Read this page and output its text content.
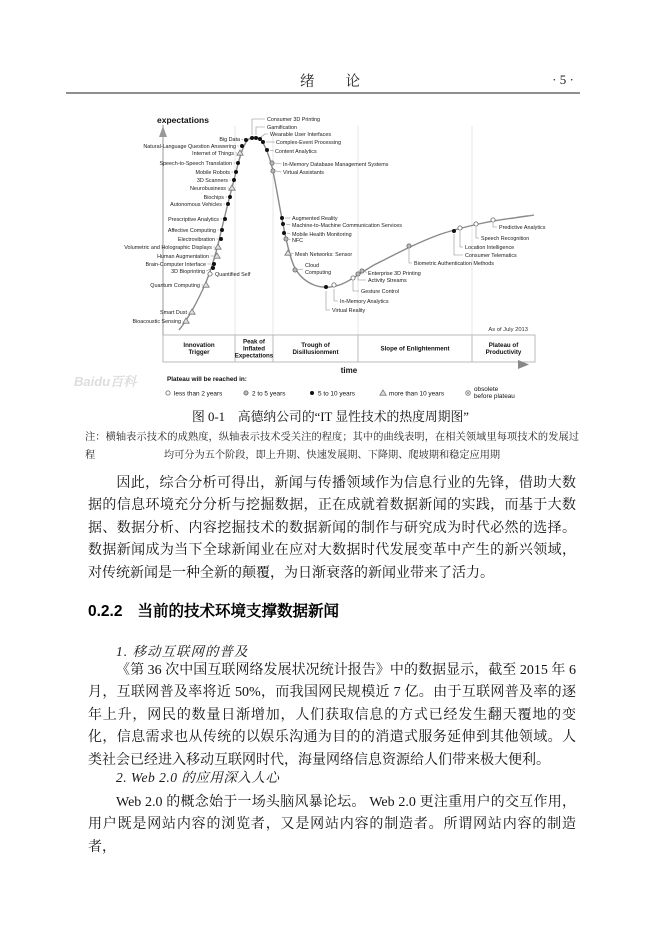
绪 论	· 5 ·
expectations
Innovation
Trigger
Peak of
Inflated
Expectations
Trough of
Disillusionment	Slope of Enlightenment	Plateau of
Productivity
time
As of July 2013
Bioacoustic Sensing
Smart Dust
Quantum Computing
Quantified Self
3D Bioprinting
Brain-Computer Interface
Human Augmentation
Volumetric and Holographic Displays
Electrovibration
Affective Computing
Prescriptive Analytics
Autonomous Vehicles
Biochips
Neurobusiness
3D Scanners
Mobile Robots
Speech-to-Speech Translation
Internet of Things
Natural-Language Question Answering
Big Data
Consumer 3D Printing
Gamification
Wearable User Interfaces
Complex-Event Processing
Content Analytics
In-Memory Database Management Systems
Virtual Assistants
Augmented Reality
Machine-to-Machine Communication Services
Mobile Health Monitoring
NFC
Mesh Networks: Sensor
Cloud Computing
Virtual Reality
In-Memory Analytics
Gesture Control
Activity Streams
Enterprise 3D Printing
Biometric Authentication Methods
Consumer Telematics
Location Intelligence
Speech Recognition
Predictive Analytics
Plateau will be reached in:
less than 2 years	2 to 5 years	5 to 10 years	more than 10 years
obsolete before plateau
Baidu百科
图 0-1　高德纳公司的“IT 显性技术的热度周期图”
注：横轴表示技术的成熟度，纵轴表示技术受关注的程度；其中的曲线表明，在相关领域里每项技术的发展过程	均可分为五个阶段，即上升期、快速发展期、下降期、爬坡期和稳定应用期
因此，综合分析可得出，新闻与传播领域作为信息行业的先锋，借助大数据的信息环境充分分析与挖掘数据，正在成就着数据新闻的实践，而基于大数据、数据分析、内容挖掘技术的数据新闻的制作与研究成为时代必然的选择。数据新闻成为当下全球新闻业在应对大数据时代发展变革中产生的新兴领域，对传统新闻是一种全新的颠覆，为日渐衰落的新闻业带来了活力。
0.2.2 当前的技术环境支撑数据新闻
1. 移动互联网的普及
《第 36 次中国互联网络发展状况统计报告》中的数据显示，截至 2015 年 6 月，互联网普及率将近 50%，而我国网民规模近 7 亿。由于互联网普及率的逐年上升，网民的数量日渐增加，人们获取信息的方式已经发生翻天覆地的变化，信息需求也从传统的以娱乐沟通为目的的消遣式服务延伸到其他领域。人类社会已经进入移动互联网时代，海量网络信息资源给人们带来极大便利。
2. Web 2.0 的应用深入人心
Web 2.0 的概念始于一场头脑风暴论坛。 Web 2.0 更注重用户的交互作用，用户既是网站内容的浏览者，又是网站内容的制造者。所谓网站内容的制造者，
